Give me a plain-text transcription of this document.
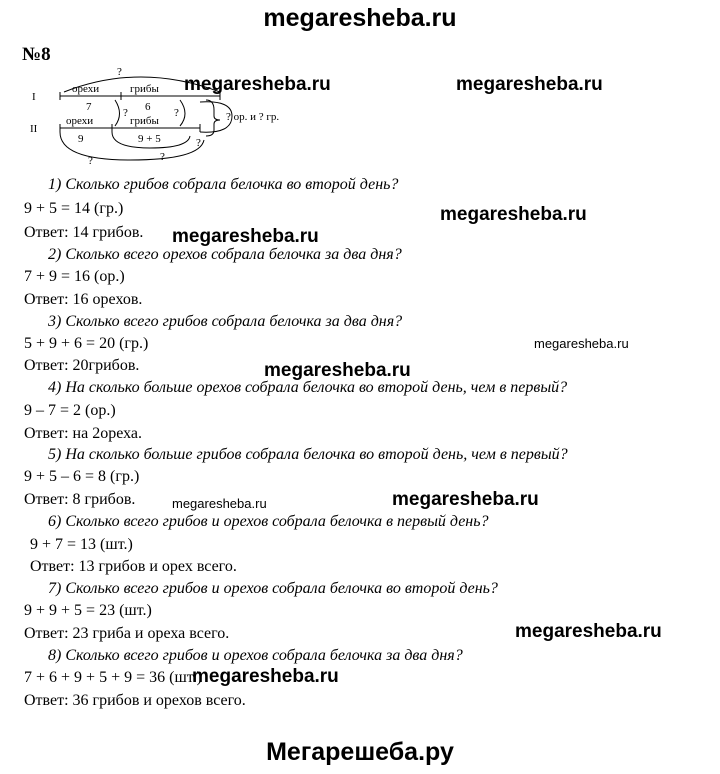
megaresheba.ru
№8
I
II
?
орехи	грибы
7	6
орехи	грибы
9	9 + 5
?	?	? ор. и ? гр.
?	?
?
1) Сколько грибов собрала белочка во второй день?
9 + 5 = 14 (гр.)
Ответ: 14 грибов.
2) Сколько всего орехов собрала белочка за два дня?
7 + 9 = 16 (ор.)
Ответ: 16 орехов.
3) Сколько всего грибов собрала белочка за два дня?
5 + 9 + 6 = 20 (гр.)
Ответ: 20грибов.
4) На сколько больше орехов собрала белочка во второй день, чем в первый?
9 – 7 = 2 (ор.)
Ответ: на 2ореха.
5) На сколько больше грибов собрала белочка во второй день, чем в первый?
9 + 5 – 6 = 8 (гр.)
Ответ: 8 грибов.
6) Сколько всего грибов и орехов собрала белочка в первый день?
9 + 7 = 13 (шт.)
Ответ: 13 грибов и орех всего.
7) Сколько всего грибов и орехов собрала белочка во второй день?
9 + 9 + 5 = 23 (шт.)
Ответ: 23 гриба и ореха всего.
8) Сколько всего грибов и орехов собрала белочка за два дня?
7 + 6 + 9 + 5 + 9 = 36 (шт.)
Ответ: 36 грибов и орехов всего.
megaresheba.ru	megaresheba.ru
megaresheba.ru
megaresheba.ru
megaresheba.ru
megaresheba.ru
megaresheba.ru	megaresheba.ru
megaresheba.ru
megaresheba.ru
Мегарешеба.ру
